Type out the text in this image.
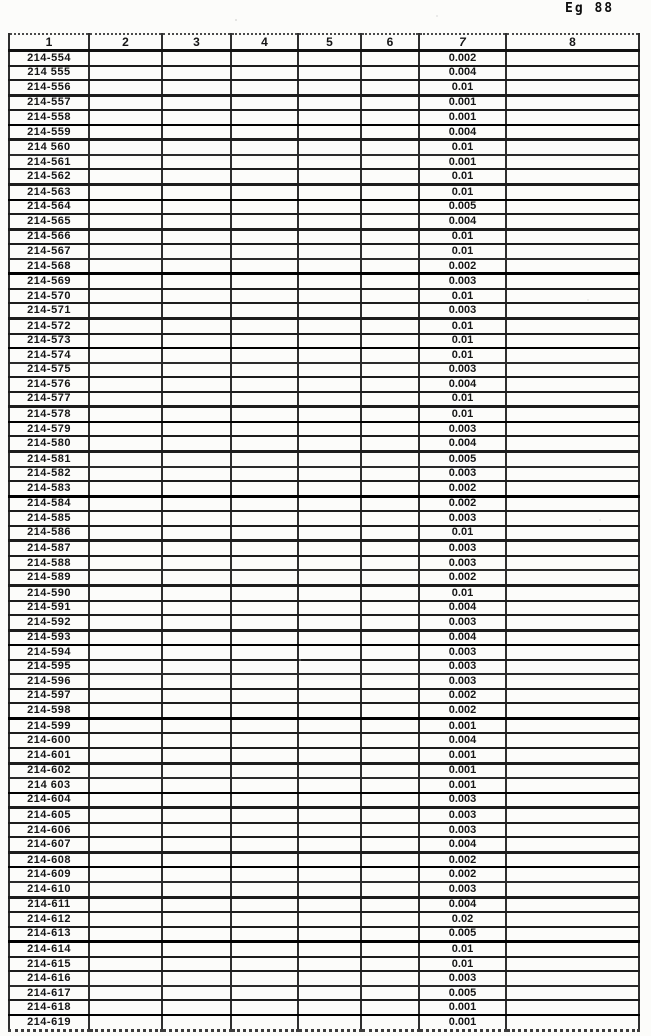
Eg 88
1	2	3	4	5	6	7	8
214-554						0.002	
214 555						0.004	
214-556						0.01	
214-557						0.001	
214-558						0.001	
214-559						0.004	
214 560						0.01	
214-561						0.001	
214-562						0.01	
214-563						0.01	
214-564						0.005	
214-565						0.004	
214-566						0.01	
214-567						0.01	
214-568						0.002	
214-569						0.003	
214-570						0.01	
214-571						0.003	
214-572						0.01	
214-573						0.01	
214-574						0.01	
214-575						0.003	
214-576						0.004	
214-577						0.01	
214-578						0.01	
214-579						0.003	
214-580						0.004	
214-581						0.005	
214-582						0.003	
214-583						0.002	
214-584						0.002	
214-585						0.003	
214-586						0.01	
214-587						0.003	
214-588						0.003	
214-589						0.002	
214-590						0.01	
214-591						0.004	
214-592						0.003	
214-593						0.004	
214-594						0.003	
214-595						0.003	
214-596						0.003	
214-597						0.002	
214-598						0.002	
214-599						0.001	
214-600						0.004	
214-601						0.001	
214-602						0.001	
214 603						0.001	
214-604						0.003	
214-605						0.003	
214-606						0.003	
214-607						0.004	
214-608						0.002	
214-609						0.002	
214-610						0.003	
214-611						0.004	
214-612						0.02	
214-613						0.005	
214-614						0.01	
214-615						0.01	
214-616						0.003	
214-617						0.005	
214-618						0.001	
214-619						0.001	
